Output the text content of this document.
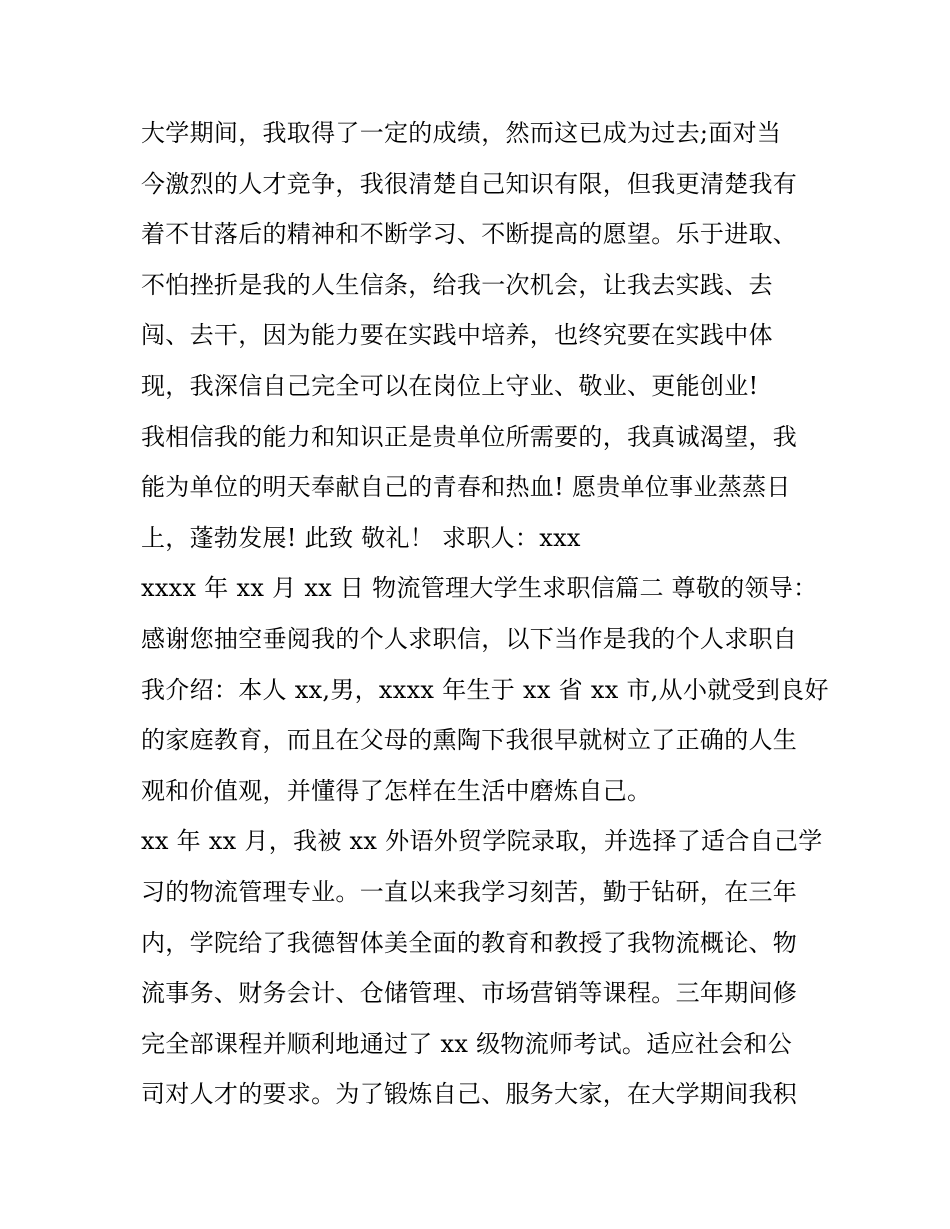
大学期间，我取得了一定的成绩，然而这已成为过去;面对当
今激烈的人才竞争，我很清楚自己知识有限，但我更清楚我有
着不甘落后的精神和不断学习、不断提高的愿望。乐于进取、
不怕挫折是我的人生信条，给我一次机会，让我去实践、去
闯、去干，因为能力要在实践中培养，也终究要在实践中体
现，我深信自己完全可以在岗位上守业、敬业、更能创业!
我相信我的能力和知识正是贵单位所需要的，我真诚渴望，我
能为单位的明天奉献自己的青春和热血! 愿贵单位事业蒸蒸日
上，蓬勃发展! 此致 敬礼！ 求职人：xxx
xxxx 年 xx 月 xx 日 物流管理大学生求职信篇二 尊敬的领导：
感谢您抽空垂阅我的个人求职信，以下当作是我的个人求职自
我介绍：本人 xx,男，xxxx 年生于 xx 省 xx 市,从小就受到良好
的家庭教育，而且在父母的熏陶下我很早就树立了正确的人生
观和价值观，并懂得了怎样在生活中磨炼自己。
xx 年 xx 月，我被 xx 外语外贸学院录取，并选择了适合自己学
习的物流管理专业。一直以来我学习刻苦，勤于钻研，在三年
内，学院给了我德智体美全面的教育和教授了我物流概论、物
流事务、财务会计、仓储管理、市场营销等课程。三年期间修
完全部课程并顺利地通过了 xx 级物流师考试。适应社会和公
司对人才的要求。为了锻炼自己、服务大家，在大学期间我积
